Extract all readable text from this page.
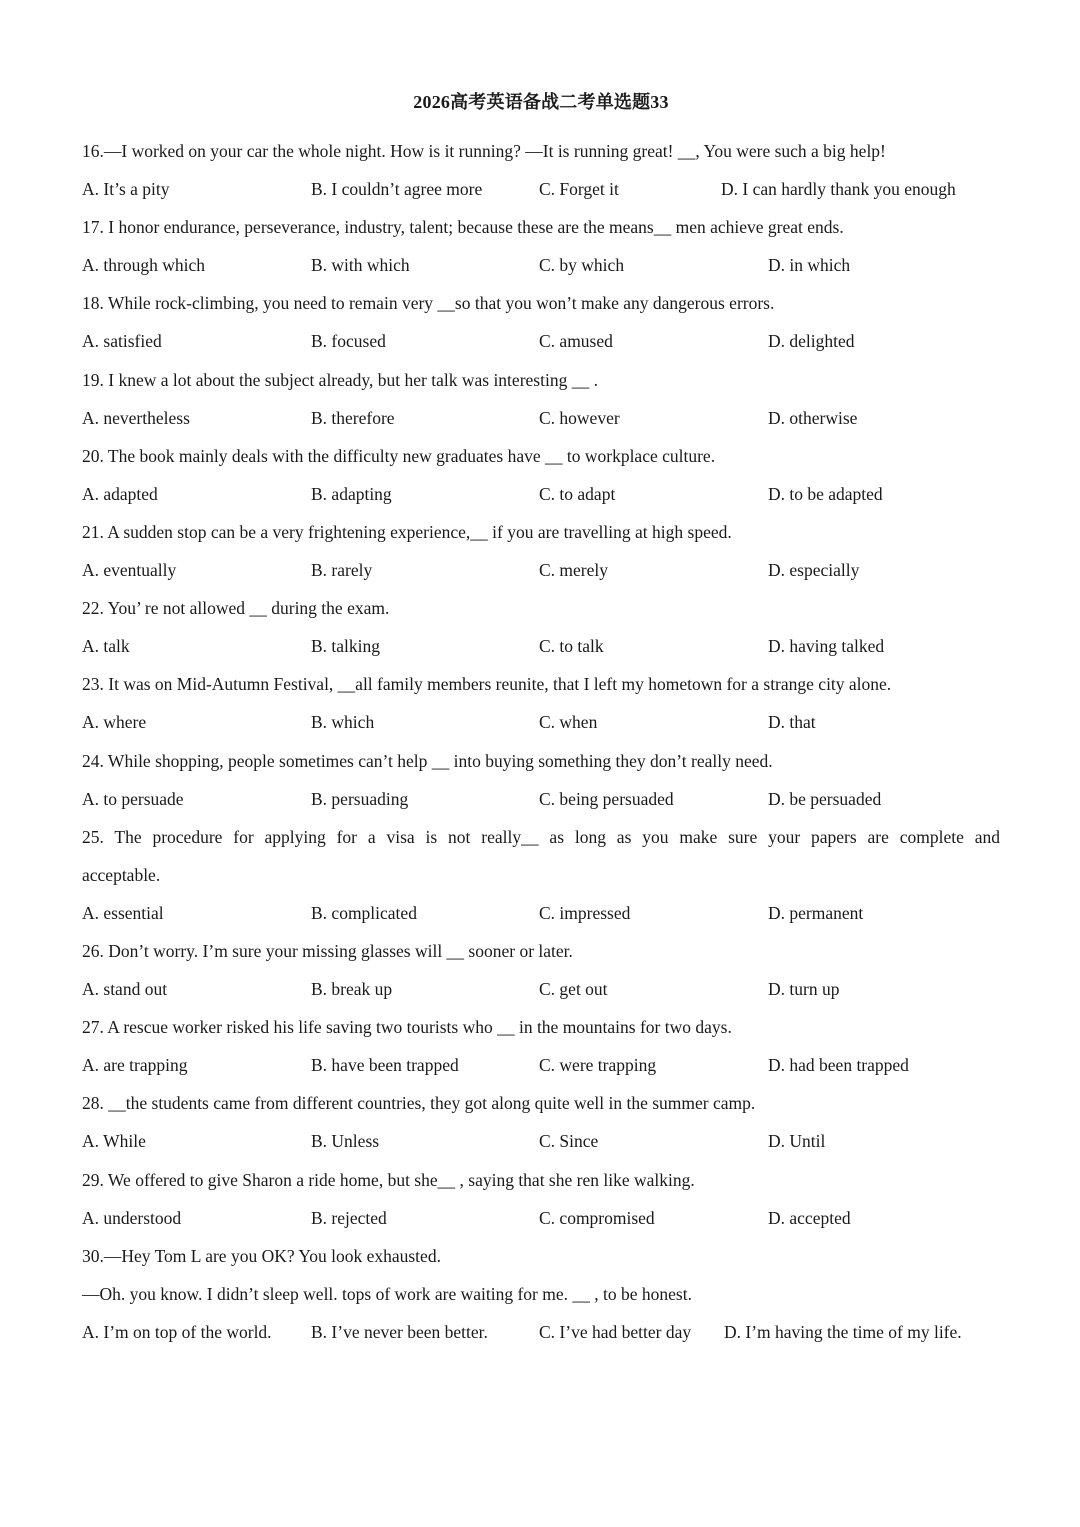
2026高考英语备战二考单选题33
16.—I worked on your car the whole night. How is it running? —It is running great! __, You were such a big help!
A. It’s a pity	B. I couldn’t agree more	C. Forget it	D. I can hardly thank you enough
17. I honor endurance, perseverance, industry, talent; because these are the means__ men achieve great ends.
A. through which	B. with which	C. by which	D. in which
18. While rock-climbing, you need to remain very __so that you won’t make any dangerous errors.
A. satisfied	B. focused	C. amused	D. delighted
19. I knew a lot about the subject already, but her talk was interesting __ .
A. nevertheless	B. therefore	C. however	D. otherwise
20. The book mainly deals with the difficulty new graduates have __ to workplace culture.
A. adapted	B. adapting	C. to adapt	D. to be adapted
21. A sudden stop can be a very frightening experience,__ if you are travelling at high speed.
A. eventually	B. rarely	C. merely	D. especially
22. You’ re not allowed __ during the exam.
A. talk	B. talking	C. to talk	D. having talked
23. It was on Mid-Autumn Festival, __all family members reunite, that I left my hometown for a strange city alone.
A. where	B. which	C. when	D. that
24. While shopping, people sometimes can’t help __ into buying something they don’t really need.
A. to persuade	B. persuading	C. being persuaded	D. be persuaded
25. The procedure for applying for a visa is not really__ as long as you make sure your papers are complete and
acceptable.
A. essential	B. complicated	C. impressed	D. permanent
26. Don’t worry. I’m sure your missing glasses will __ sooner or later.
A. stand out	B. break up	C. get out	D. turn up
27. A rescue worker risked his life saving two tourists who __ in the mountains for two days.
A. are trapping	B. have been trapped	C. were trapping	D. had been trapped
28. __the students came from different countries, they got along quite well in the summer camp.
A. While	B. Unless	C. Since	D. Until
29. We offered to give Sharon a ride home, but she__ , saying that she ren like walking.
A. understood	B. rejected	C. compromised	D. accepted
30.—Hey Tom L are you OK? You look exhausted.
—Oh. you know. I didn’t sleep well. tops of work are waiting for me. __ , to be honest.
A. I’m on top of the world. B. I’ve never been better.	C. I’ve had better day D. I’m having the time of my life.
